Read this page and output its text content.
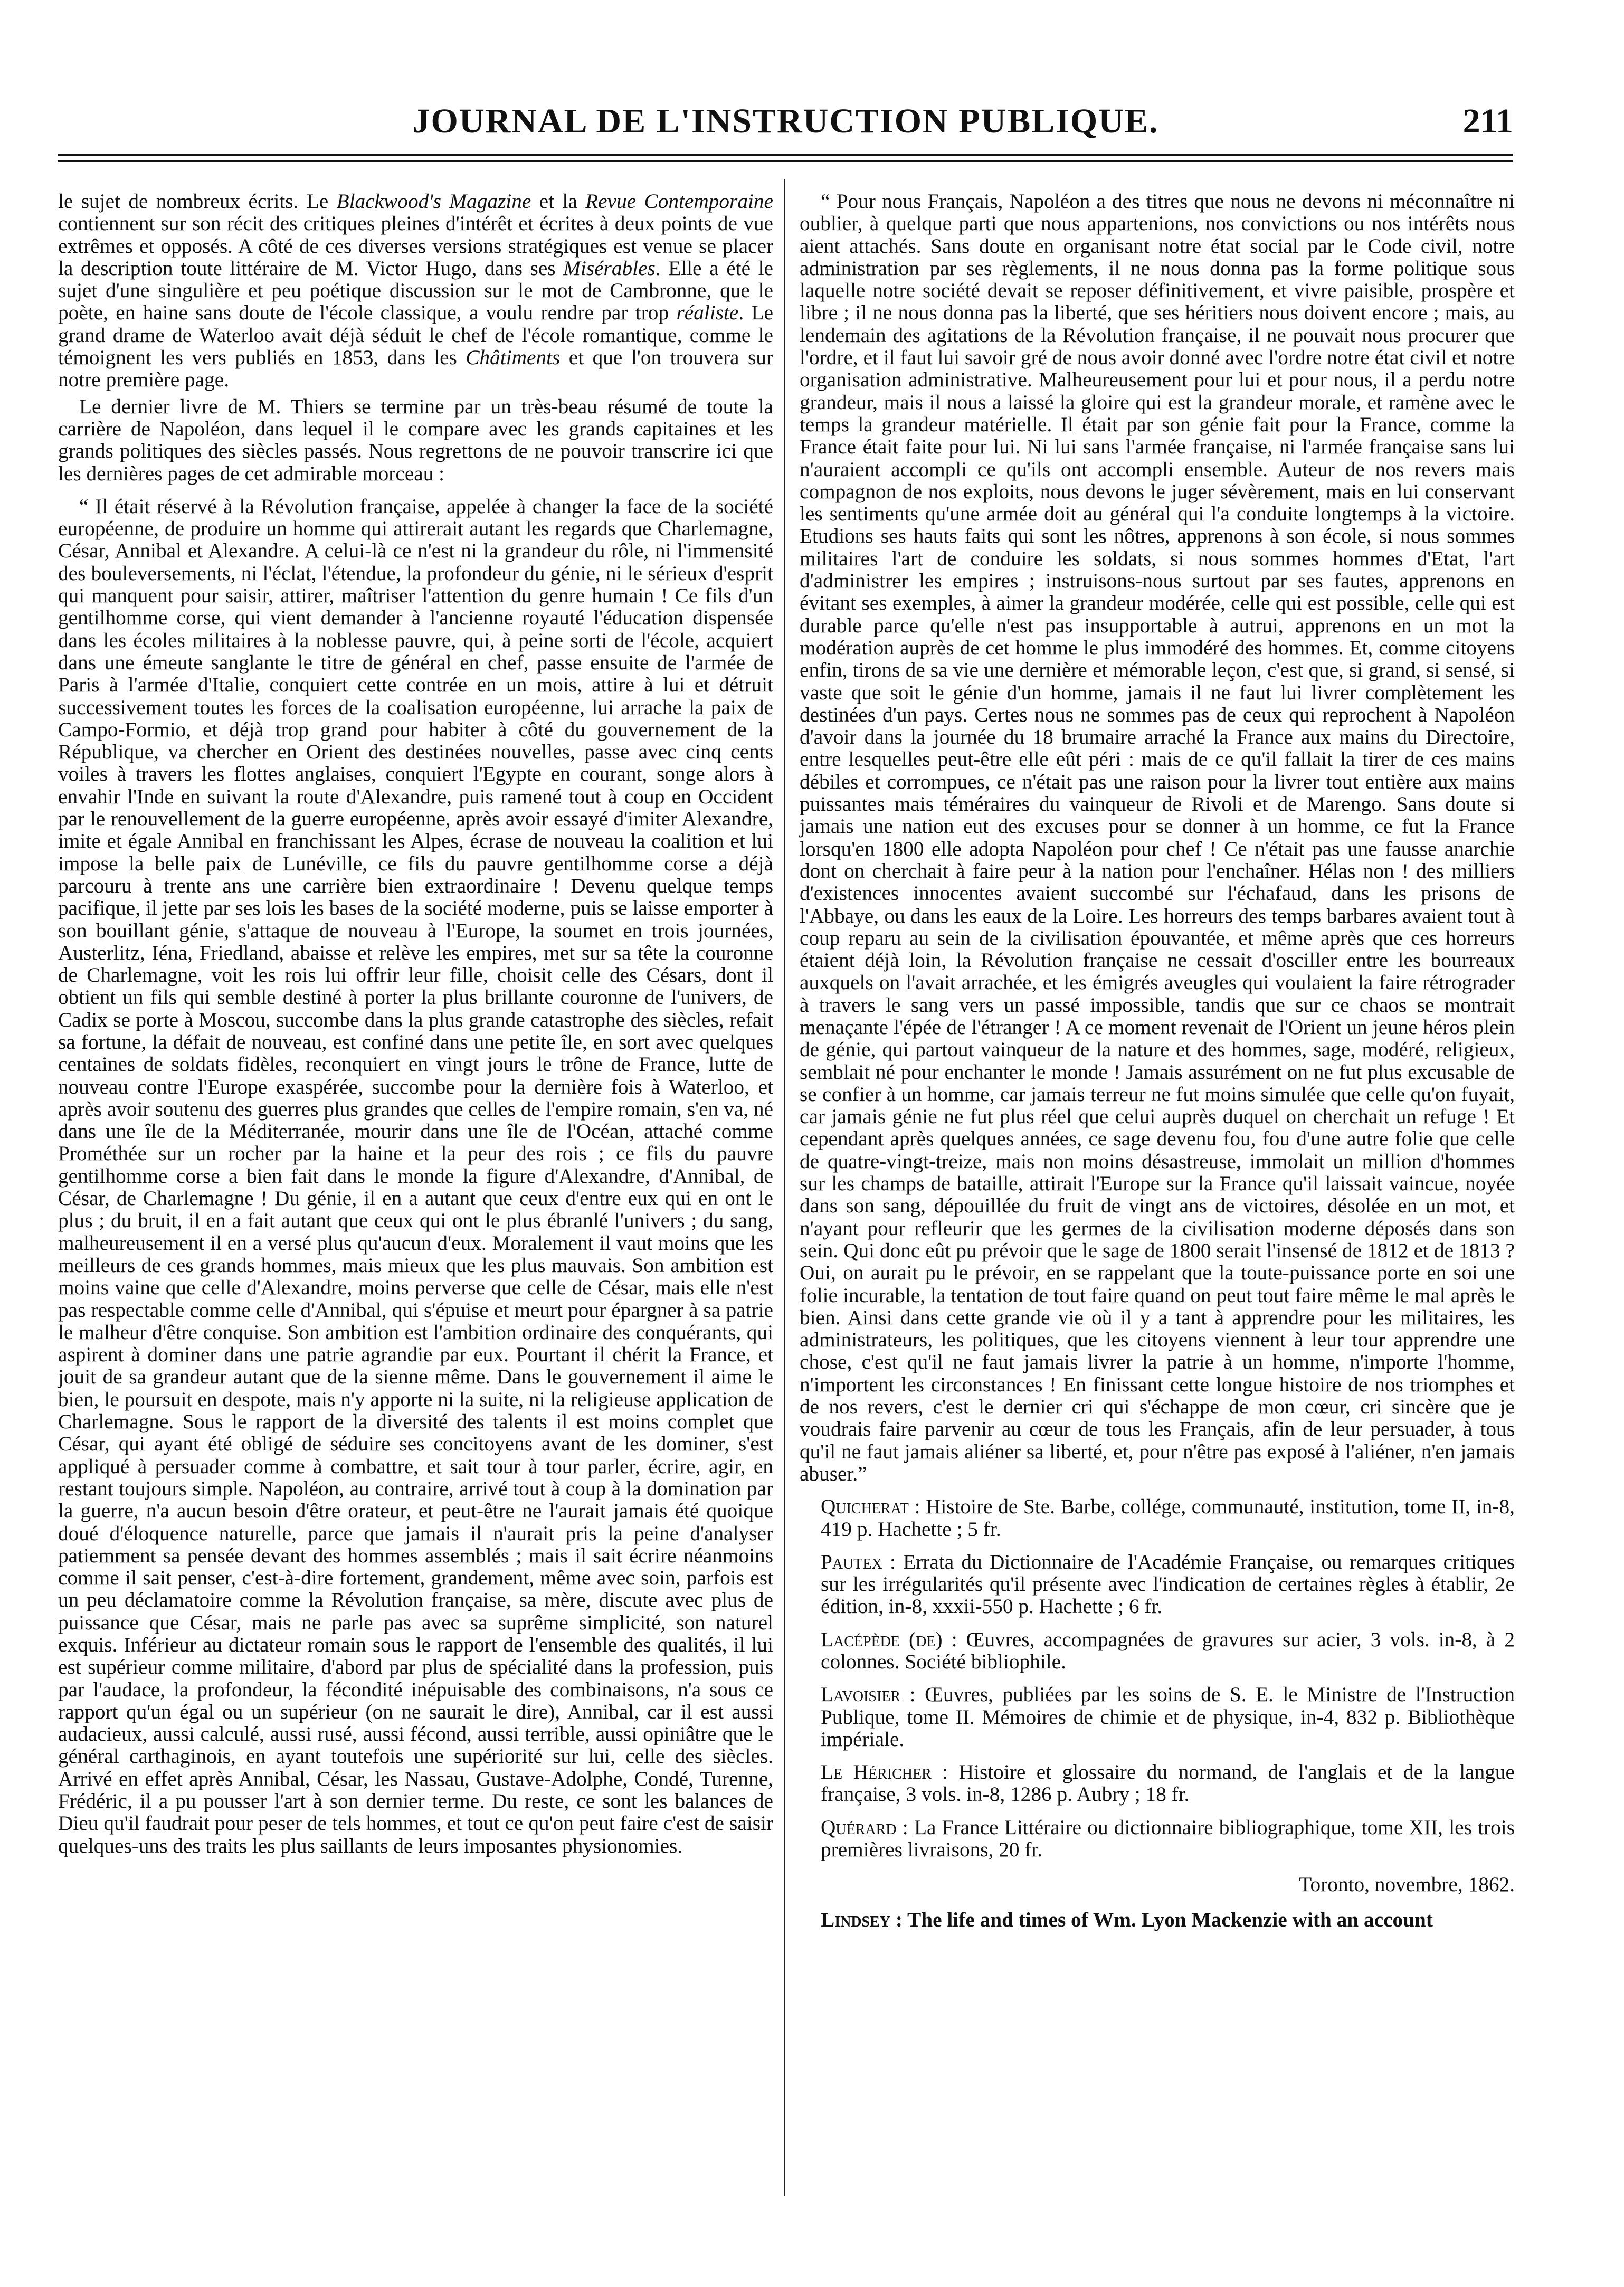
JOURNAL DE L'INSTRUCTION PUBLIQUE.	211

le sujet de nombreux écrits. Le Blackwood's Magazine et la Revue Contemporaine contiennent sur son récit des critiques pleines d'intérêt et écrites à deux points de vue extrêmes et opposés. A côté de ces diverses versions stratégiques est venue se placer la description toute littéraire de M. Victor Hugo, dans ses Misérables. Elle a été le sujet d'une singulière et peu poétique discussion sur le mot de Cambronne, que le poète, en haine sans doute de l'école classique, a voulu rendre par trop réaliste. Le grand drame de Waterloo avait déjà séduit le chef de l'école romantique, comme le témoignent les vers publiés en 1853, dans les Châtiments et que l'on trouvera sur notre première page.

Le dernier livre de M. Thiers se termine par un très-beau résumé de toute la carrière de Napoléon, dans lequel il le compare avec les grands capitaines et les grands politiques des siècles passés. Nous regrettons de ne pouvoir transcrire ici que les dernières pages de cet admirable morceau :

“ Il était réservé à la Révolution française, appelée à changer la face de la société européenne, de produire un homme qui attirerait autant les regards que Charlemagne, César, Annibal et Alexandre. A celui-là ce n'est ni la grandeur du rôle, ni l'immensité des bouleversements, ni l'éclat, l'étendue, la profondeur du génie, ni le sérieux d'esprit qui manquent pour saisir, attirer, maîtriser l'attention du genre humain ! Ce fils d'un gentilhomme corse, qui vient demander à l'ancienne royauté l'éducation dispensée dans les écoles militaires à la noblesse pauvre, qui, à peine sorti de l'école, acquiert dans une émeute sanglante le titre de général en chef, passe ensuite de l'armée de Paris à l'armée d'Italie, conquiert cette contrée en un mois, attire à lui et détruit successivement toutes les forces de la coalisation européenne, lui arrache la paix de Campo-Formio, et déjà trop grand pour habiter à côté du gouvernement de la République, va chercher en Orient des destinées nouvelles, passe avec cinq cents voiles à travers les flottes anglaises, conquiert l'Egypte en courant, songe alors à envahir l'Inde en suivant la route d'Alexandre, puis ramené tout à coup en Occident par le renouvellement de la guerre européenne, après avoir essayé d'imiter Alexandre, imite et égale Annibal en franchissant les Alpes, écrase de nouveau la coalition et lui impose la belle paix de Lunéville, ce fils du pauvre gentilhomme corse a déjà parcouru à trente ans une carrière bien extraordinaire ! Devenu quelque temps pacifique, il jette par ses lois les bases de la société moderne, puis se laisse emporter à son bouillant génie, s'attaque de nouveau à l'Europe, la soumet en trois journées, Austerlitz, Iéna, Friedland, abaisse et relève les empires, met sur sa tête la couronne de Charlemagne, voit les rois lui offrir leur fille, choisit celle des Césars, dont il obtient un fils qui semble destiné à porter la plus brillante couronne de l'univers, de Cadix se porte à Moscou, succombe dans la plus grande catastrophe des siècles, refait sa fortune, la défait de nouveau, est confiné dans une petite île, en sort avec quelques centaines de soldats fidèles, reconquiert en vingt jours le trône de France, lutte de nouveau contre l'Europe exaspérée, succombe pour la dernière fois à Waterloo, et après avoir soutenu des guerres plus grandes que celles de l'empire romain, s'en va, né dans une île de la Méditerranée, mourir dans une île de l'Océan, attaché comme Prométhée sur un rocher par la haine et la peur des rois ; ce fils du pauvre gentilhomme corse a bien fait dans le monde la figure d'Alexandre, d'Annibal, de César, de Charlemagne ! Du génie, il en a autant que ceux d'entre eux qui en ont le plus ; du bruit, il en a fait autant que ceux qui ont le plus ébranlé l'univers ; du sang, malheureusement il en a versé plus qu'aucun d'eux. Moralement il vaut moins que les meilleurs de ces grands hommes, mais mieux que les plus mauvais. Son ambition est moins vaine que celle d'Alexandre, moins perverse que celle de César, mais elle n'est pas respectable comme celle d'Annibal, qui s'épuise et meurt pour épargner à sa patrie le malheur d'être conquise. Son ambition est l'ambition ordinaire des conquérants, qui aspirent à dominer dans une patrie agrandie par eux. Pourtant il chérit la France, et jouit de sa grandeur autant que de la sienne même. Dans le gouvernement il aime le bien, le poursuit en despote, mais n'y apporte ni la suite, ni la religieuse application de Charlemagne. Sous le rapport de la diversité des talents il est moins complet que César, qui ayant été obligé de séduire ses concitoyens avant de les dominer, s'est appliqué à persuader comme à combattre, et sait tour à tour parler, écrire, agir, en restant toujours simple. Napoléon, au contraire, arrivé tout à coup à la domination par la guerre, n'a aucun besoin d'être orateur, et peut-être ne l'aurait jamais été quoique doué d'éloquence naturelle, parce que jamais il n'aurait pris la peine d'analyser patiemment sa pensée devant des hommes assemblés ; mais il sait écrire néanmoins comme il sait penser, c'est-à-dire fortement, grandement, même avec soin, parfois est un peu déclamatoire comme la Révolution française, sa mère, discute avec plus de puissance que César, mais ne parle pas avec sa suprême simplicité, son naturel exquis. Inférieur au dictateur romain sous le rapport de l'ensemble des qualités, il lui est supérieur comme militaire, d'abord par plus de spécialité dans la profession, puis par l'audace, la profondeur, la fécondité inépuisable des combinaisons, n'a sous ce rapport qu'un égal ou un supérieur (on ne saurait le dire), Annibal, car il est aussi audacieux, aussi calculé, aussi rusé, aussi fécond, aussi terrible, aussi opiniâtre que le général carthaginois, en ayant toutefois une supériorité sur lui, celle des siècles. Arrivé en effet après Annibal, César, les Nassau, Gustave-Adolphe, Condé, Turenne, Frédéric, il a pu pousser l'art à son dernier terme. Du reste, ce sont les balances de Dieu qu'il faudrait pour peser de tels hommes, et tout ce qu'on peut faire c'est de saisir quelques-uns des traits les plus saillants de leurs imposantes physionomies.

“ Pour nous Français, Napoléon a des titres que nous ne devons ni méconnaître ni oublier, à quelque parti que nous appartenions, nos convictions ou nos intérêts nous aient attachés. Sans doute en organisant notre état social par le Code civil, notre administration par ses règlements, il ne nous donna pas la forme politique sous laquelle notre société devait se reposer définitivement, et vivre paisible, prospère et libre ; il ne nous donna pas la liberté, que ses héritiers nous doivent encore ; mais, au lendemain des agitations de la Révolution française, il ne pouvait nous procurer que l'ordre, et il faut lui savoir gré de nous avoir donné avec l'ordre notre état civil et notre organisation administrative. Malheureusement pour lui et pour nous, il a perdu notre grandeur, mais il nous a laissé la gloire qui est la grandeur morale, et ramène avec le temps la grandeur matérielle. Il était par son génie fait pour la France, comme la France était faite pour lui. Ni lui sans l'armée française, ni l'armée française sans lui n'auraient accompli ce qu'ils ont accompli ensemble. Auteur de nos revers mais compagnon de nos exploits, nous devons le juger sévèrement, mais en lui conservant les sentiments qu'une armée doit au général qui l'a conduite longtemps à la victoire. Etudions ses hauts faits qui sont les nôtres, apprenons à son école, si nous sommes militaires l'art de conduire les soldats, si nous sommes hommes d'Etat, l'art d'administrer les empires ; instruisons-nous surtout par ses fautes, apprenons en évitant ses exemples, à aimer la grandeur modérée, celle qui est possible, celle qui est durable parce qu'elle n'est pas insupportable à autrui, apprenons en un mot la modération auprès de cet homme le plus immodéré des hommes. Et, comme citoyens enfin, tirons de sa vie une dernière et mémorable leçon, c'est que, si grand, si sensé, si vaste que soit le génie d'un homme, jamais il ne faut lui livrer complètement les destinées d'un pays. Certes nous ne sommes pas de ceux qui reprochent à Napoléon d'avoir dans la journée du 18 brumaire arraché la France aux mains du Directoire, entre lesquelles peut-être elle eût péri : mais de ce qu'il fallait la tirer de ces mains débiles et corrompues, ce n'était pas une raison pour la livrer tout entière aux mains puissantes mais téméraires du vainqueur de Rivoli et de Marengo. Sans doute si jamais une nation eut des excuses pour se donner à un homme, ce fut la France lorsqu'en 1800 elle adopta Napoléon pour chef ! Ce n'était pas une fausse anarchie dont on cherchait à faire peur à la nation pour l'enchaîner. Hélas non ! des milliers d'existences innocentes avaient succombé sur l'échafaud, dans les prisons de l'Abbaye, ou dans les eaux de la Loire. Les horreurs des temps barbares avaient tout à coup reparu au sein de la civilisation épouvantée, et même après que ces horreurs étaient déjà loin, la Révolution française ne cessait d'osciller entre les bourreaux auxquels on l'avait arrachée, et les émigrés aveugles qui voulaient la faire rétrograder à travers le sang vers un passé impossible, tandis que sur ce chaos se montrait menaçante l'épée de l'étranger ! A ce moment revenait de l'Orient un jeune héros plein de génie, qui partout vainqueur de la nature et des hommes, sage, modéré, religieux, semblait né pour enchanter le monde ! Jamais assurément on ne fut plus excusable de se confier à un homme, car jamais terreur ne fut moins simulée que celle qu'on fuyait, car jamais génie ne fut plus réel que celui auprès duquel on cherchait un refuge ! Et cependant après quelques années, ce sage devenu fou, fou d'une autre folie que celle de quatre-vingt-treize, mais non moins désastreuse, immolait un million d'hommes sur les champs de bataille, attirait l'Europe sur la France qu'il laissait vaincue, noyée dans son sang, dépouillée du fruit de vingt ans de victoires, désolée en un mot, et n'ayant pour refleurir que les germes de la civilisation moderne déposés dans son sein. Qui donc eût pu prévoir que le sage de 1800 serait l'insensé de 1812 et de 1813 ? Oui, on aurait pu le prévoir, en se rappelant que la toute-puissance porte en soi une folie incurable, la tentation de tout faire quand on peut tout faire même le mal après le bien. Ainsi dans cette grande vie où il y a tant à apprendre pour les militaires, les administrateurs, les politiques, que les citoyens viennent à leur tour apprendre une chose, c'est qu'il ne faut jamais livrer la patrie à un homme, n'importe l'homme, n'importent les circonstances ! En finissant cette longue histoire de nos triomphes et de nos revers, c'est le dernier cri qui s'échappe de mon cœur, cri sincère que je voudrais faire parvenir au cœur de tous les Français, afin de leur persuader, à tous qu'il ne faut jamais aliéner sa liberté, et, pour n'être pas exposé à l'aliéner, n'en jamais abuser.”

Quicherat : Histoire de Ste. Barbe, collége, communauté, institution, tome II, in-8, 419 p. Hachette ; 5 fr.

Pautex : Errata du Dictionnaire de l'Académie Française, ou remarques critiques sur les irrégularités qu'il présente avec l'indication de certaines règles à établir, 2e édition, in-8, xxxii-550 p. Hachette ; 6 fr.

Lacépède (de) : Œuvres, accompagnées de gravures sur acier, 3 vols. in-8, à 2 colonnes. Société bibliophile.

Lavoisier : Œuvres, publiées par les soins de S. E. le Ministre de l'Instruction Publique, tome II. Mémoires de chimie et de physique, in-4, 832 p. Bibliothèque impériale.

Le Héricher : Histoire et glossaire du normand, de l'anglais et de la langue française, 3 vols. in-8, 1286 p. Aubry ; 18 fr.

Quérard : La France Littéraire ou dictionnaire bibliographique, tome XII, les trois premières livraisons, 20 fr.

Toronto, novembre, 1862.

Lindsey : The life and times of Wm. Lyon Mackenzie with an account
